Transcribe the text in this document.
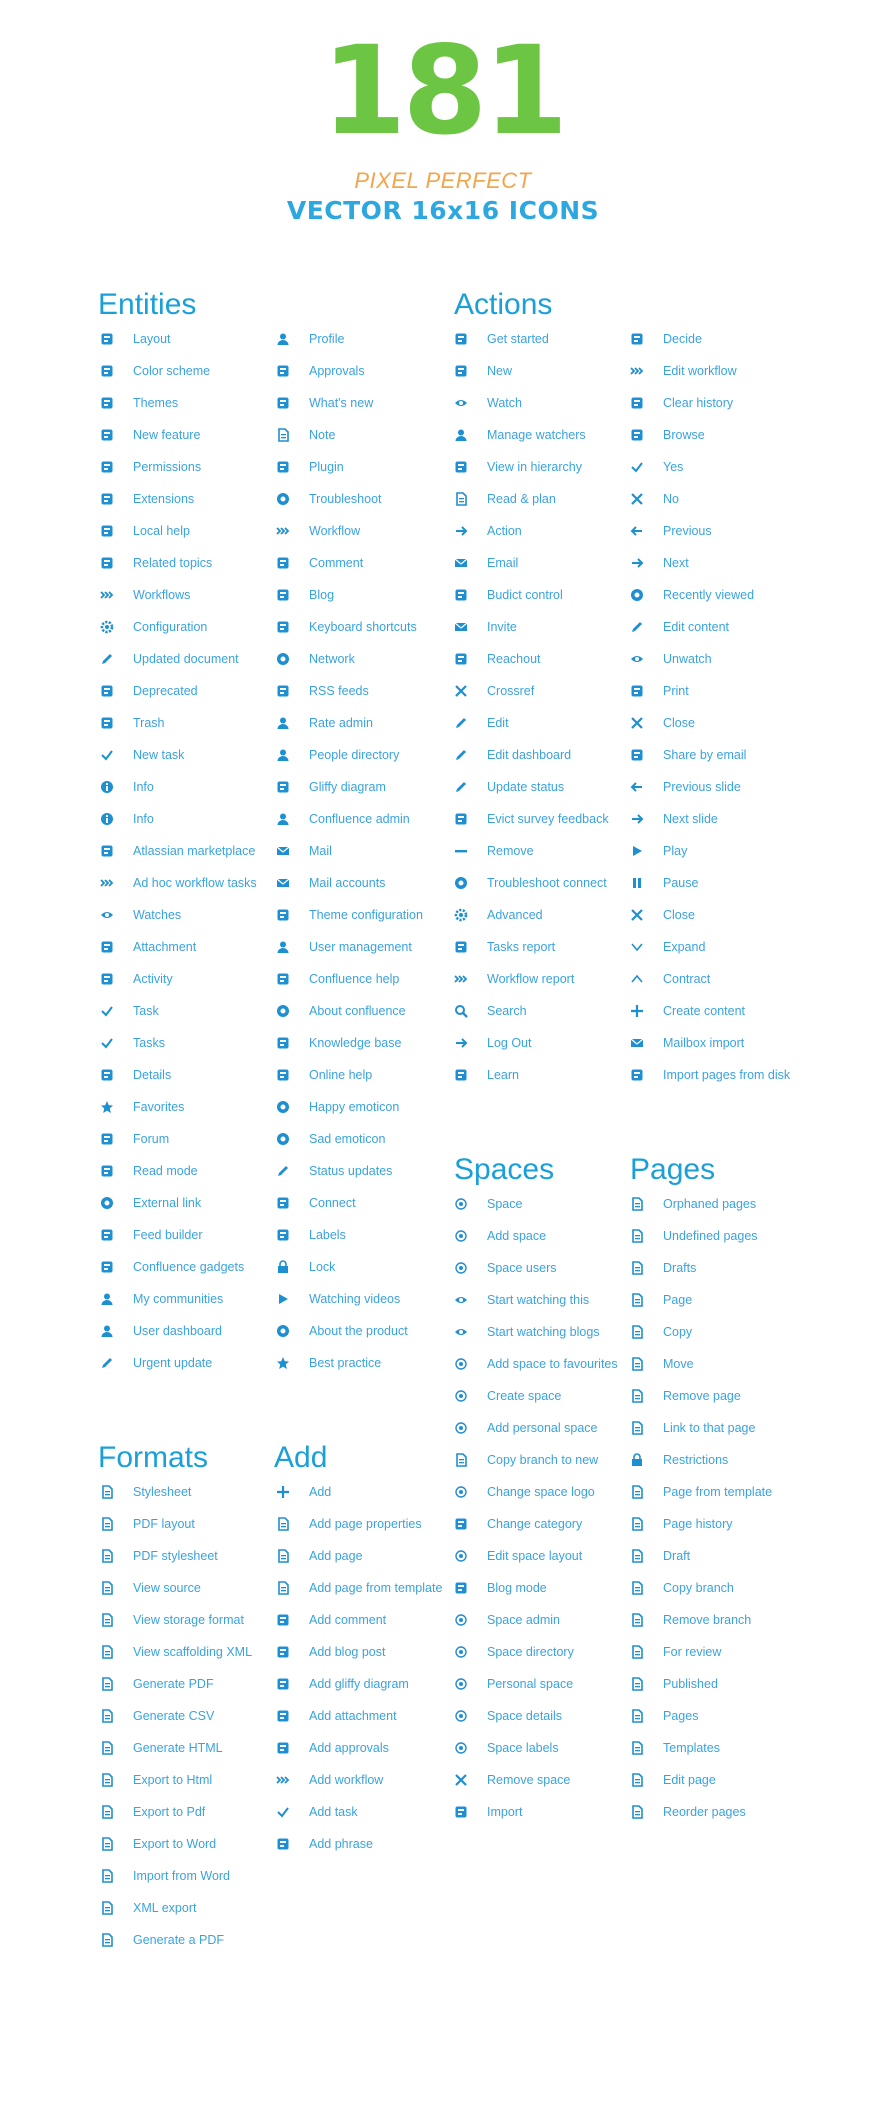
181
PIXEL PERFECT
VECTOR 16x16 ICONS
Entities	Actions
Spaces	Pages
Formats Add
Layout
Color scheme
Themes
New feature
Permissions
Extensions
Local help
Related topics
Workflows
Configuration
Updated document
Deprecated
Trash
New task
Info
Info
Atlassian marketplace
Ad hoc workflow tasks
Watches
Attachment
Activity
Task
Tasks
Details
Favorites
Forum
Read mode
External link
Feed builder
Confluence gadgets
My communities
User dashboard
Urgent update
Profile
Approvals
What's new
Note
Plugin
Troubleshoot
Workflow
Comment
Blog
Keyboard shortcuts
Network
RSS feeds
Rate admin
People directory
Gliffy diagram
Confluence admin
Mail
Mail accounts
Theme configuration
User management
Confluence help
About confluence
Knowledge base
Online help
Happy emoticon
Sad emoticon
Status updates
Connect
Labels
Lock
Watching videos
About the product
Best practice
Get started
New
Watch
Manage watchers
View in hierarchy
Read & plan
Action
Email
Budict control
Invite
Reachout
Crossref
Edit
Edit dashboard
Update status
Evict survey feedback
Remove
Troubleshoot connect
Advanced
Tasks report
Workflow report
Search
Log Out
Learn
Decide
Edit workflow
Clear history
Browse
Yes
No
Previous
Next
Recently viewed
Edit content
Unwatch
Print
Close
Share by email
Previous slide
Next slide
Play
Pause
Close
Expand
Contract
Create content
Mailbox import
Import pages from disk
Space
Add space
Space users
Start watching this
Start watching blogs
Add space to favourites
Create space
Add personal space
Copy branch to new
Change space logo
Change category
Edit space layout
Blog mode
Space admin
Space directory
Personal space
Space details
Space labels
Remove space
Import
Orphaned pages
Undefined pages
Drafts
Page
Copy
Move
Remove page
Link to that page
Restrictions
Page from template
Page history
Draft
Copy branch
Remove branch
For review
Published
Pages
Templates
Edit page
Reorder pages
Stylesheet
PDF layout
PDF stylesheet
View source
View storage format
View scaffolding XML
Generate PDF
Generate CSV
Generate HTML
Export to Html
Export to Pdf
Export to Word
Import from Word
XML export
Generate a PDF
Add
Add page properties
Add page
Add page from template
Add comment
Add blog post
Add gliffy diagram
Add attachment
Add approvals
Add workflow
Add task
Add phrase
